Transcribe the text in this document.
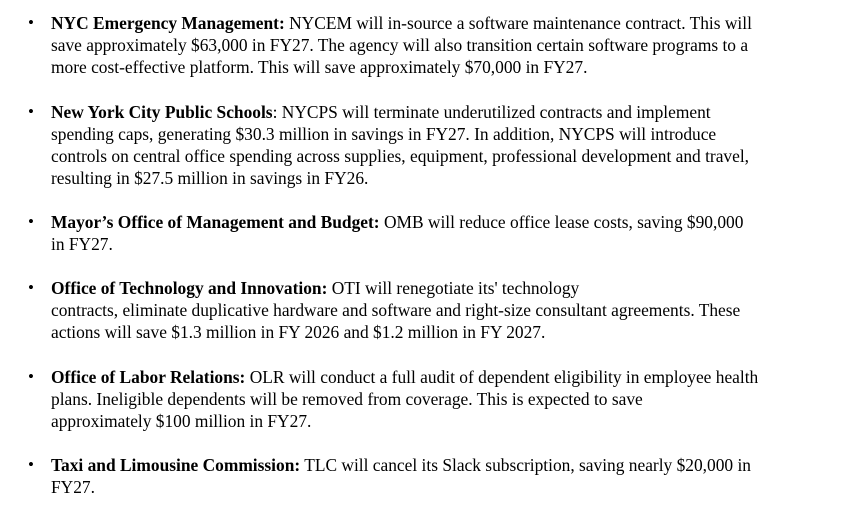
• NYC Emergency Management: NYCEM will in-source a software maintenance contract. This will
save approximately $63,000 in FY27. The agency will also transition certain software programs to a
more cost-effective platform. This will save approximately $70,000 in FY27.
• New York City Public Schools: NYCPS will terminate underutilized contracts and implement
spending caps, generating $30.3 million in savings in FY27. In addition, NYCPS will introduce
controls on central office spending across supplies, equipment, professional development and travel,
resulting in $27.5 million in savings in FY26.
• Mayor’s Office of Management and Budget: OMB will reduce office lease costs, saving $90,000
in FY27.
• Office of Technology and Innovation: OTI will renegotiate its' technology
contracts, eliminate duplicative hardware and software and right-size consultant agreements. These
actions will save $1.3 million in FY 2026 and $1.2 million in FY 2027.
• Office of Labor Relations: OLR will conduct a full audit of dependent eligibility in employee health
plans. Ineligible dependents will be removed from coverage. This is expected to save
approximately $100 million in FY27.
• Taxi and Limousine Commission: TLC will cancel its Slack subscription, saving nearly $20,000 in
FY27.
